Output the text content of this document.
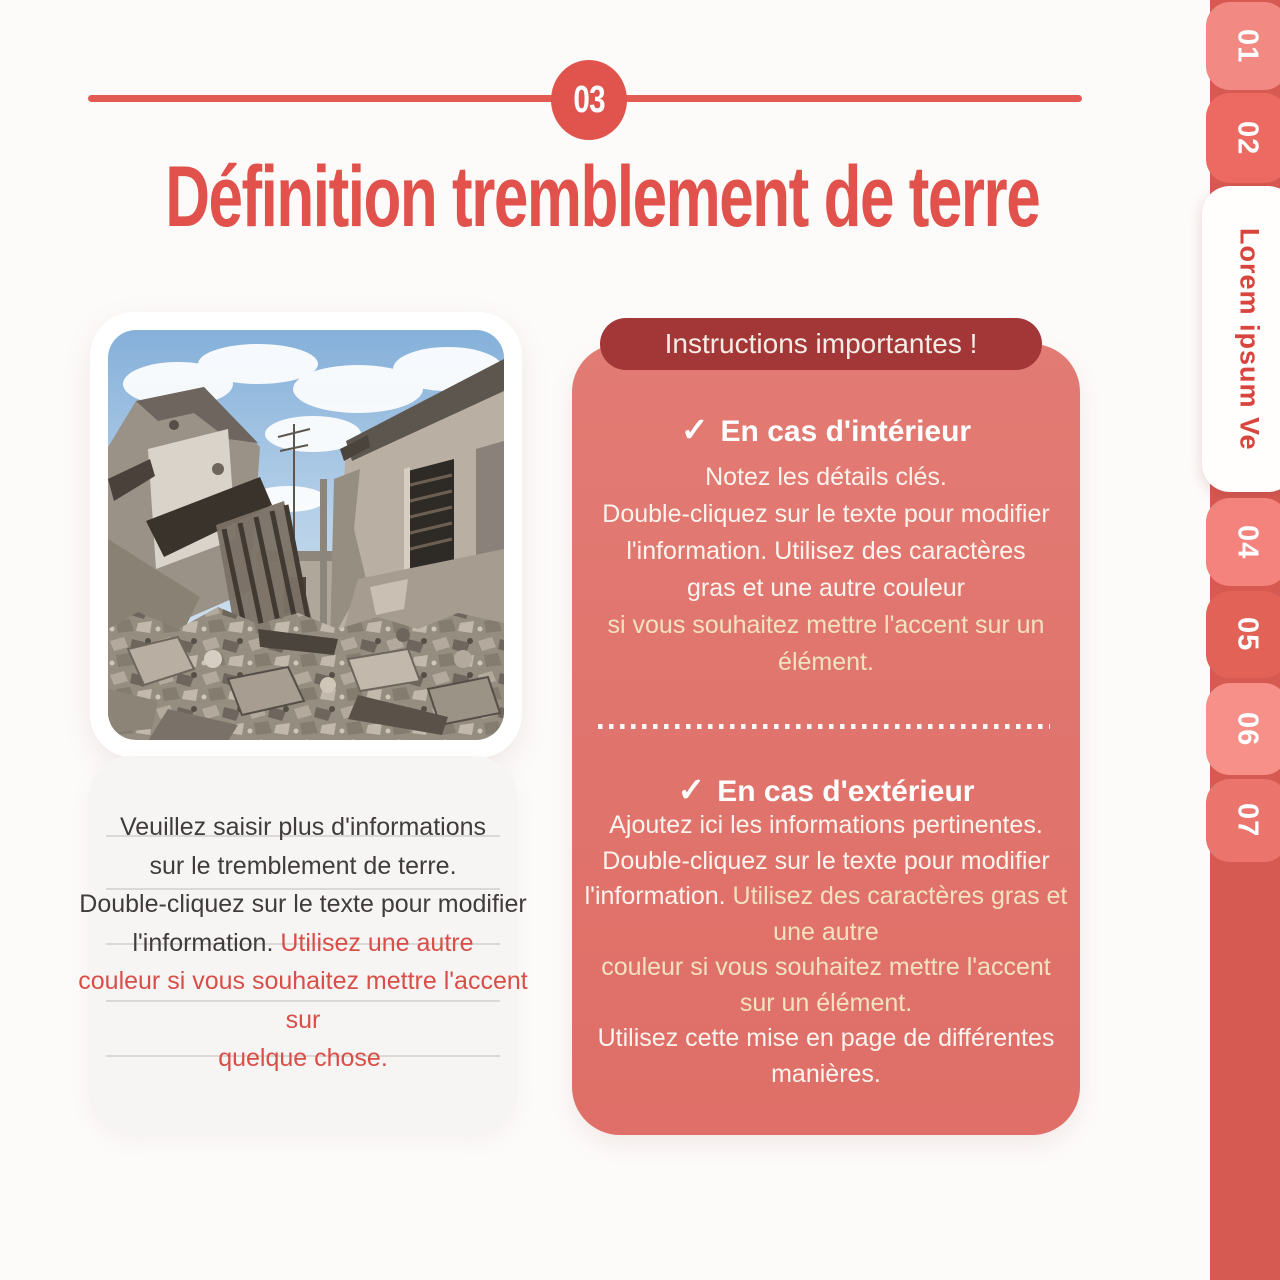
03
Définition tremblement de terre
Veuillez saisir plus d'informations
sur le tremblement de terre.
Double-cliquez sur le texte pour modifier
l'information. Utilisez une autre
couleur si vous souhaitez mettre l'accent
sur
quelque chose.
Instructions importantes !
✓ En cas d'intérieur
Notez les détails clés.
Double-cliquez sur le texte pour modifier
l'information. Utilisez des caractères
gras et une autre couleur
si vous souhaitez mettre l'accent sur un
élément.
✓ En cas d'extérieur
Ajoutez ici les informations pertinentes.
Double-cliquez sur le texte pour modifier
l'information. Utilisez des caractères gras et
une autre
couleur si vous souhaitez mettre l'accent
sur un élément.
Utilisez cette mise en page de différentes
manières.
01
02
Lorem ipsum Ve
04
05
06
07
